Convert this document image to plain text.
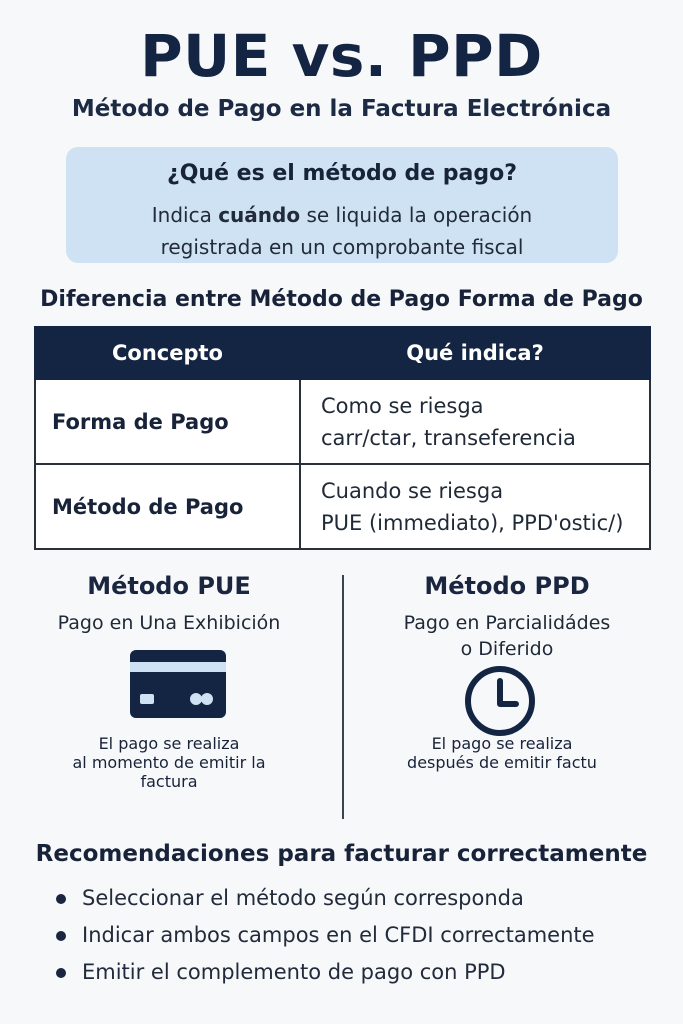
PUE vs. PPD
Método de Pago en la Factura Electrónica
¿Qué es el método de pago?
Indica cuándo se liquida la operación
registrada en un comprobante fiscal
Diferencia entre Método de Pago Forma de Pago
Concepto	Qué indica?
Forma de Pago	Como se riesga
carr/ctar, transeferencia
Método de Pago	Cuando se riesga
PUE (immediato), PPD'ostic/)
Método PUE
Pago en Una Exhibición
Método PPD
Pago en Parcialidádes
o Diferido
El pago se realiza
al momento de emitir la
factura
El pago se realiza
después de emitir factu
Recomendaciones para facturar correctamente
Seleccionar el método según corresponda
Indicar ambos campos en el CFDI correctamente
Emitir el complemento de pago con PPD
